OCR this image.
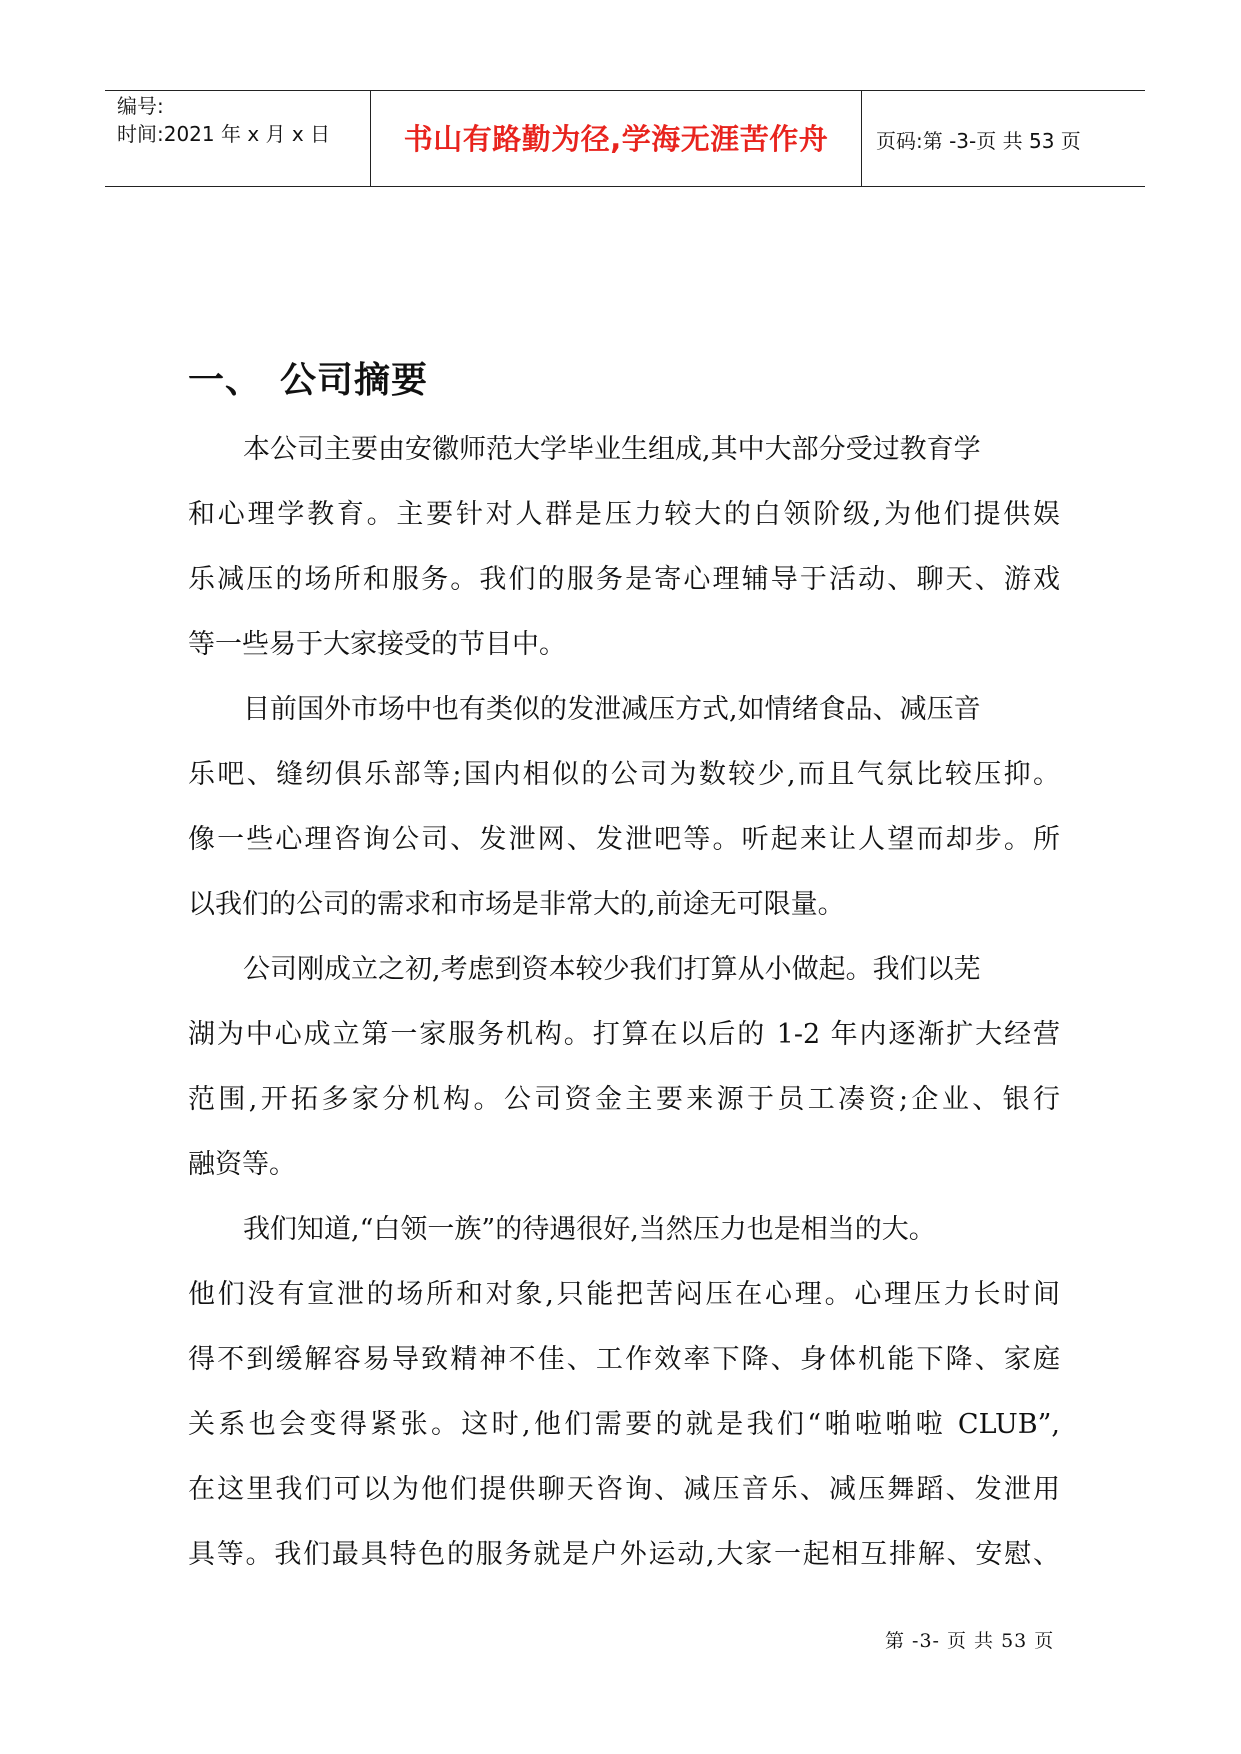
编号:
时间:2021 年 x 月 x 日	书山有路勤为径,学海无涯苦作舟	页码:第 -3-页 共 53 页
一、 公司摘要
本公司主要由安徽师范大学毕业生组成,其中大部分受过教育学
和心理学教育。主要针对人群是压力较大的白领阶级,为他们提供娱
乐减压的场所和服务。我们的服务是寄心理辅导于活动、聊天、游戏
等一些易于大家接受的节目中。
目前国外市场中也有类似的发泄减压方式,如情绪食品、减压音
乐吧、缝纫俱乐部等;国内相似的公司为数较少,而且气氛比较压抑。
像一些心理咨询公司、发泄网、发泄吧等。听起来让人望而却步。所
以我们的公司的需求和市场是非常大的,前途无可限量。
公司刚成立之初,考虑到资本较少我们打算从小做起。我们以芜
湖为中心成立第一家服务机构。打算在以后的 1-2 年内逐渐扩大经营
范围,开拓多家分机构。公司资金主要来源于员工凑资;企业、银行
融资等。
我们知道,“白领一族”的待遇很好,当然压力也是相当的大。
他们没有宣泄的场所和对象,只能把苦闷压在心理。心理压力长时间
得不到缓解容易导致精神不佳、工作效率下降、身体机能下降、家庭
关系也会变得紧张。这时,他们需要的就是我们“啪啦啪啦 CLUB”,
在这里我们可以为他们提供聊天咨询、减压音乐、减压舞蹈、发泄用
具等。我们最具特色的服务就是户外运动,大家一起相互排解、安慰、
第 -3- 页 共 53 页
